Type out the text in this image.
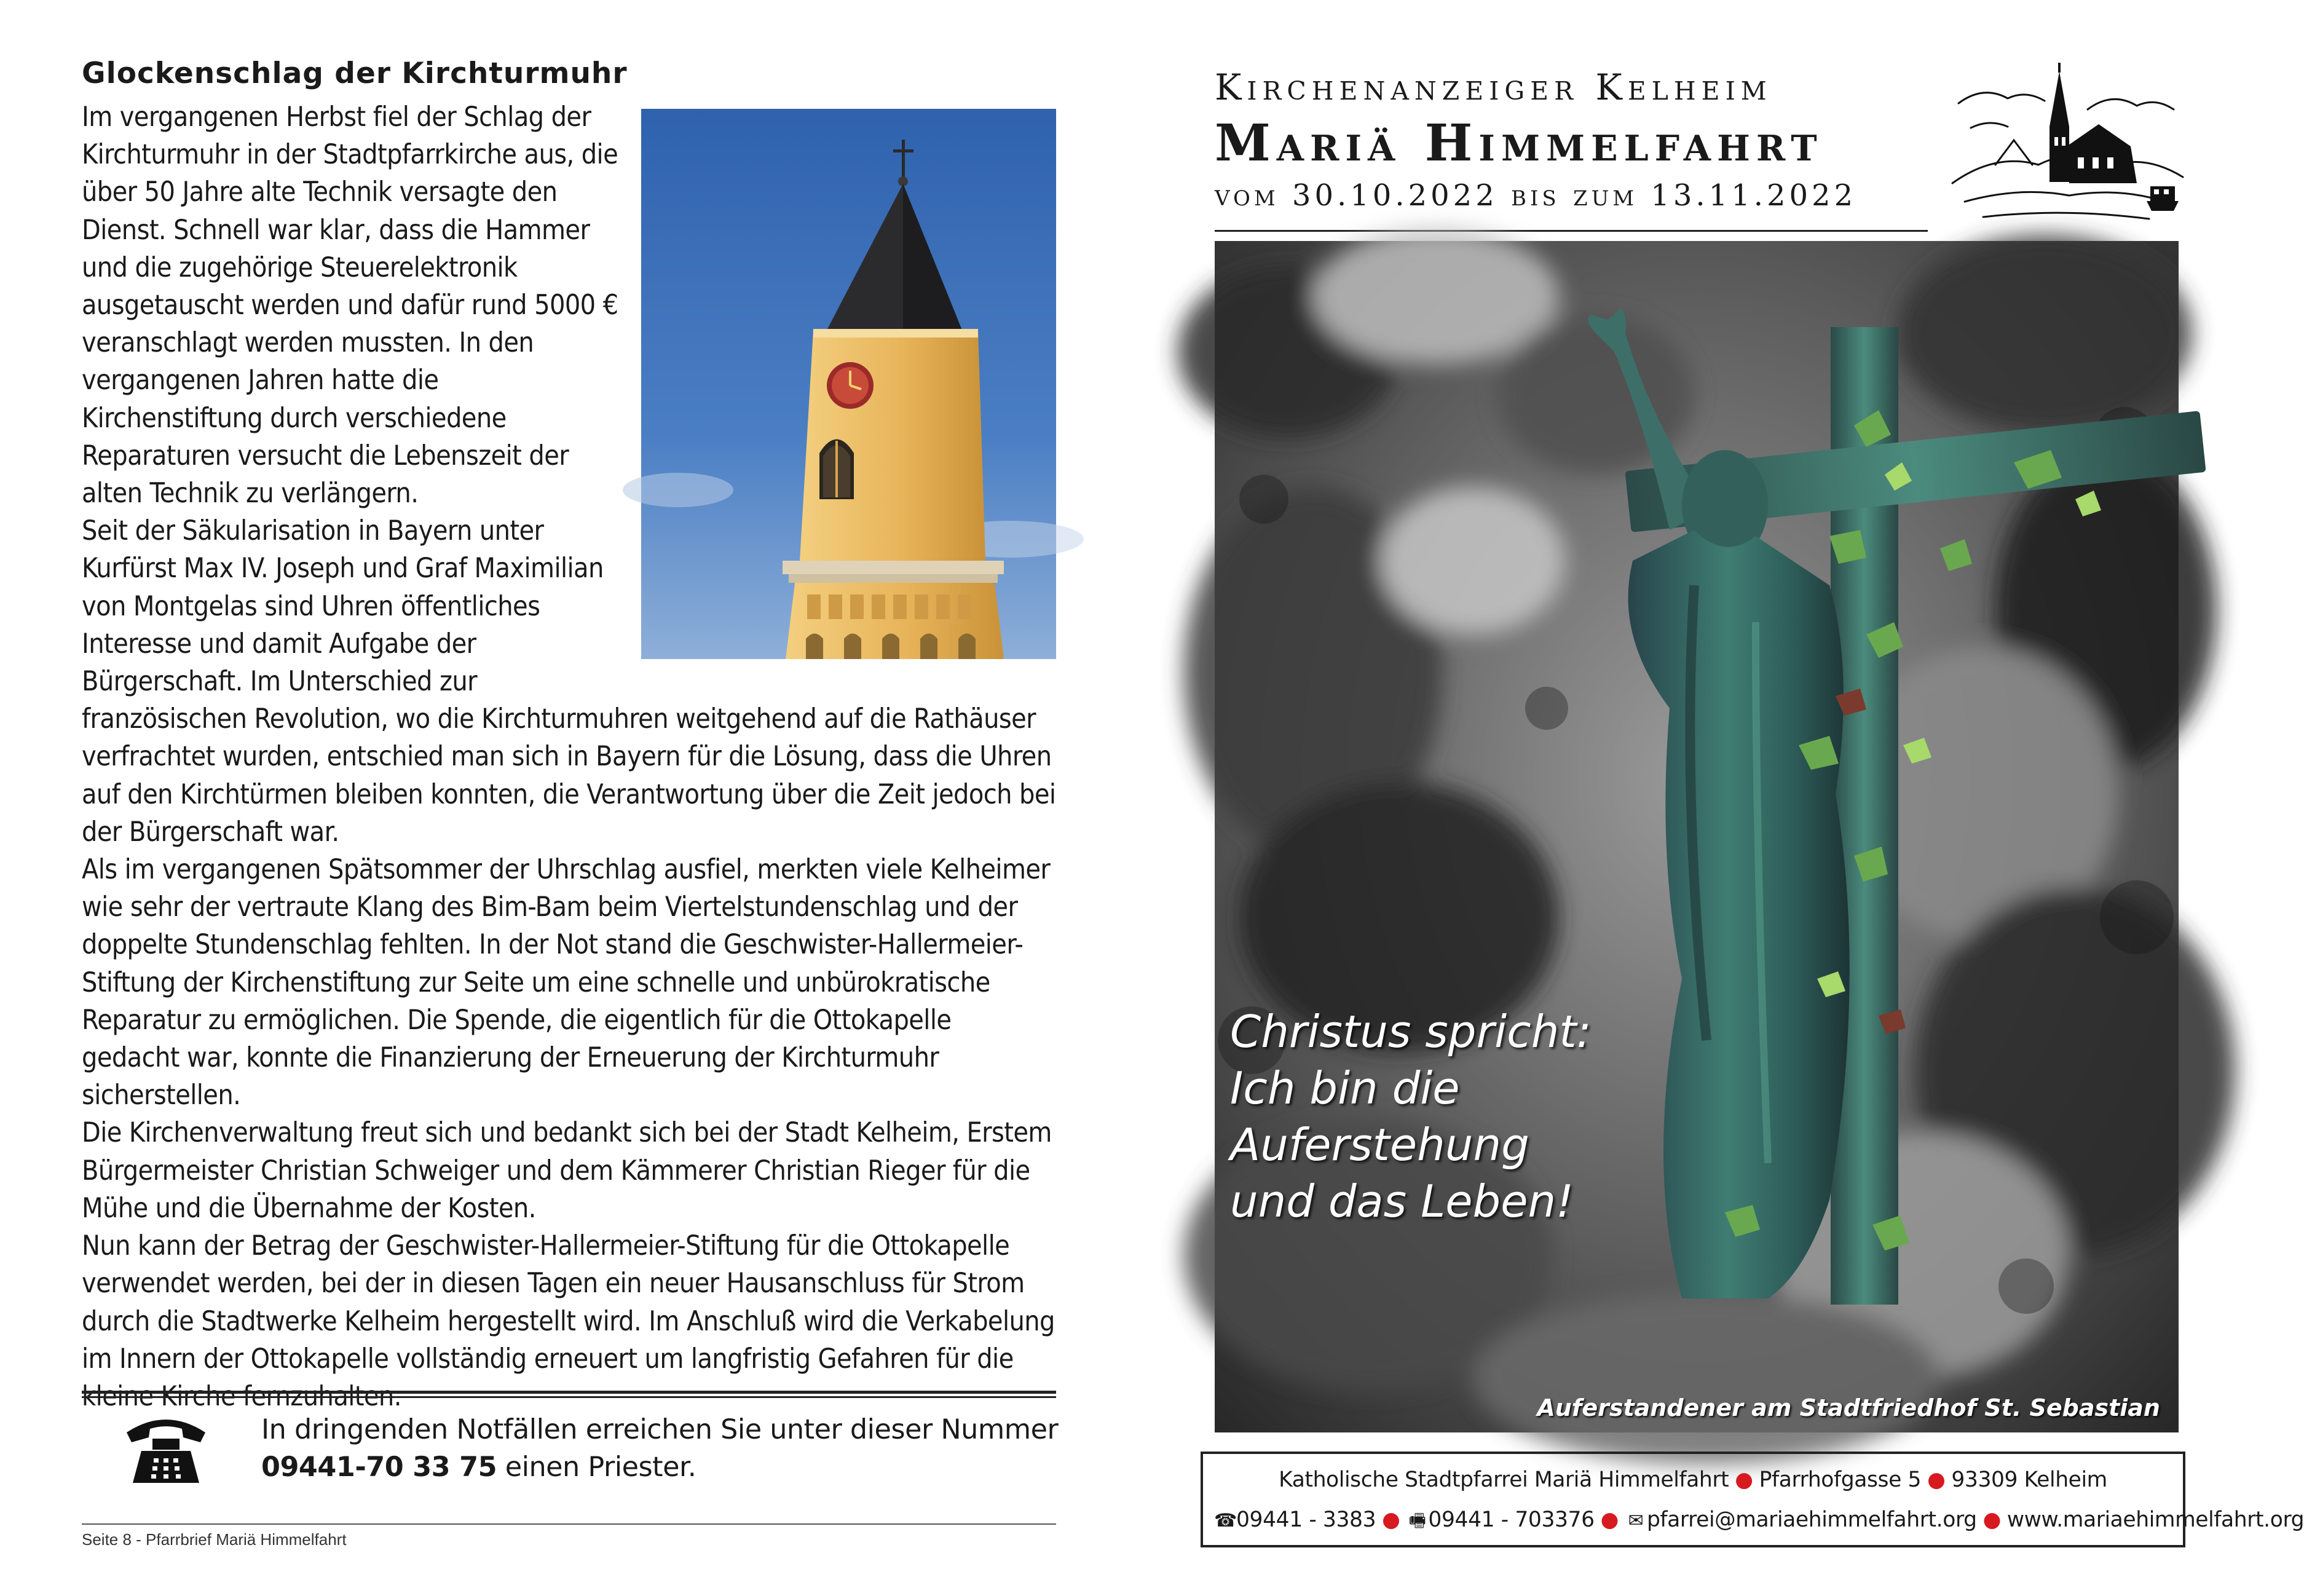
Glockenschlag der Kirchturmuhr

Im vergangenen Herbst fiel der Schlag der Kirchturmuhr in der Stadtpfarrkirche aus, die über 50 Jahre alte Technik versagte den Dienst. Schnell war klar, dass die Hammer und die zugehörige Steuerelektronik ausgetauscht werden und dafür rund 5000 € veranschlagt werden mussten. In den vergangenen Jahren hatte die Kirchenstiftung durch verschiedene Reparaturen versucht die Lebenszeit der alten Technik zu verlängern.

Seit der Säkularisation in Bayern unter Kurfürst Max IV. Joseph und Graf Maximilian von Montgelas sind Uhren öffentliches Interesse und damit Aufgabe der Bürgerschaft. Im Unterschied zur französischen Revolution, wo die Kirchturmuhren weitgehend auf die Rathäuser verfrachtet wurden, entschied man sich in Bayern für die Lösung, dass die Uhren auf den Kirchtürmen bleiben konnten, die Verantwortung über die Zeit jedoch bei der Bürgerschaft war.

Als im vergangenen Spätsommer der Uhrschlag ausfiel, merkten viele Kelheimer wie sehr der vertraute Klang des Bim-Bam beim Viertelstundenschlag und der doppelte Stundenschlag fehlten. In der Not stand die Geschwister-Hallermeier-Stiftung der Kirchenstiftung zur Seite um eine schnelle und unbürokratische Reparatur zu ermöglichen. Die Spende, die eigentlich für die Ottokapelle gedacht war, konnte die Finanzierung der Erneuerung der Kirchturmuhr sicherstellen.

Die Kirchenverwaltung freut sich und bedankt sich bei der Stadt Kelheim, Erstem Bürgermeister Christian Schweiger und dem Kämmerer Christian Rieger für die Mühe und die Übernahme der Kosten.

Nun kann der Betrag der Geschwister-Hallermeier-Stiftung für die Ottokapelle verwendet werden, bei der in diesen Tagen ein neuer Hausanschluss für Strom durch die Stadtwerke Kelheim hergestellt wird. Im Anschluß wird die Verkabelung im Innern der Ottokapelle vollständig erneuert um langfristig Gefahren für die kleine Kirche fernzuhalten.

In dringenden Notfällen erreichen Sie unter dieser Nummer
09441-70 33 75 einen Priester.
Seite 8 - Pfarrbrief Mariä Himmelfahrt
Kirchenanzeiger Kelheim
Mariä Himmelfahrt
vom 30.10.2022 bis zum 13.11.2022
Christus spricht:
Ich bin die
Auferstehung
und das Leben!
Auferstandener am Stadtfriedhof St. Sebastian
Katholische Stadtpfarrei Mariä Himmelfahrt ● Pfarrhofgasse 5 ● 93309 Kelheim
☎09441 - 3383 ● 🖷 09441 - 703376 ● ✉ pfarrei@mariaehimmelfahrt.org ● www.mariaehimmelfahrt.org
